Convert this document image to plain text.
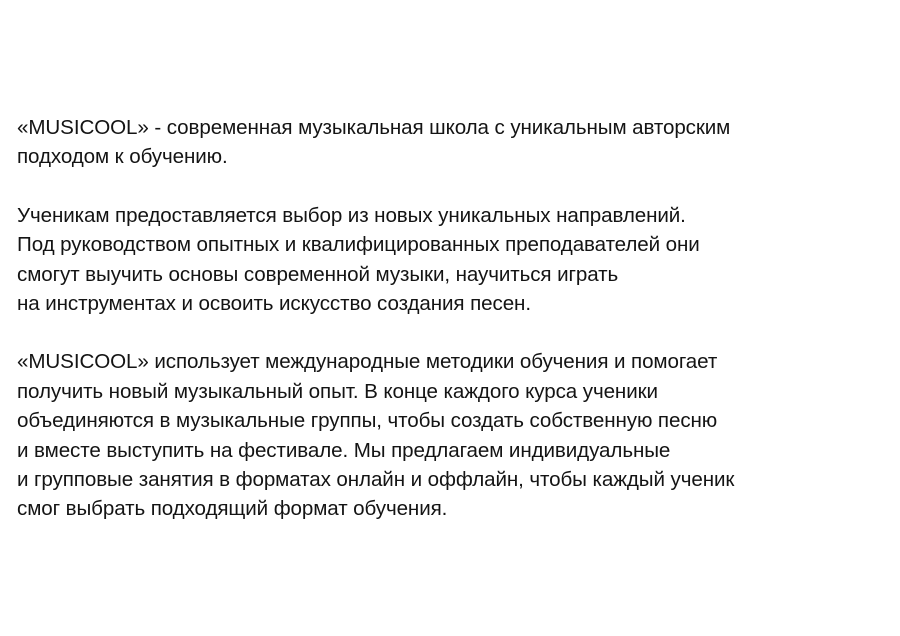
«MUSICOOL» - современная музыкальная школа с уникальным авторским
подходом к обучению.
Ученикам предоставляется выбор из новых уникальных направлений.
Под руководством опытных и квалифицированных преподавателей они
смогут выучить основы современной музыки, научиться играть
на инструментах и освоить искусство создания песен.
«MUSICOOL» использует международные методики обучения и помогает
получить новый музыкальный опыт. В конце каждого курса ученики
объединяются в музыкальные группы, чтобы создать собственную песню
и вместе выступить на фестивале. Мы предлагаем индивидуальные
и групповые занятия в форматах онлайн и оффлайн, чтобы каждый ученик
смог выбрать подходящий формат обучения.
